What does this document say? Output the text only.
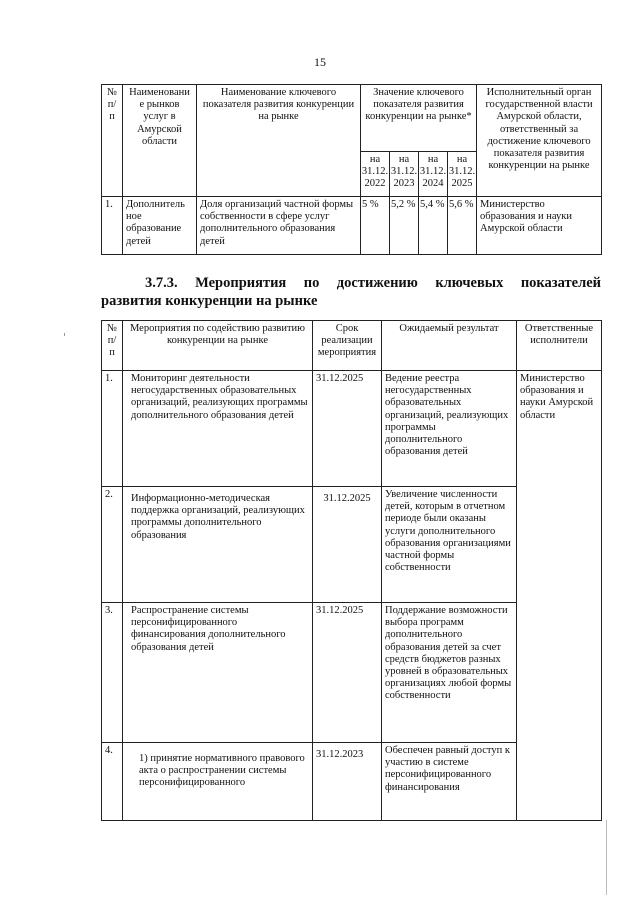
15
№ п/п	Наименовани е рынков услуг в Амурской области	Наименование ключевого показателя развития конкуренции на рынке	Значение ключевого показателя развития конкуренции на рынке*				Исполнительный орган государственной власти Амурской области, ответственный за достижение ключевого показателя развития конкуренции на рынке
			на 31.12. 2022	на 31.12. 2023	на 31.12. 2024	на 31.12. 2025	
1.	Дополнитель ное образование детей	Доля организаций частной формы собственности в сфере услуг дополнительного образования детей	5 %	5,2 %	5,4 %	5,6 %	Министерство образования и науки Амурской области
3.7.3. Мероприятия по достижению ключевых показателей
развития конкуренции на рынке
№ п/п	Мероприятия по содействию развитию конкуренции на рынке	Срок реализации мероприятия	Ожидаемый результат	Ответственные исполнители
1.	Мониторинг деятельности негосударственных образовательных организаций, реализующих программы дополнительного образования детей	31.12.2025	Ведение реестра негосударственных образовательных организаций, реализующих программы дополнительного образования детей	Министерство образования и науки Амурской области
2.	Информационно-методическая поддержка организаций, реализующих программы дополнительного образования	31.12.2025	Увеличение численности детей, которым в отчетном периоде были оказаны услуги дополнительного образования организациями частной формы собственности	
3.	Распространение системы персонифицированного финансирования дополнительного образования детей	31.12.2025	Поддержание возможности выбора программ дополнительного образования детей за счет средств бюджетов разных уровней в образовательных организациях любой формы собственности	
4.	1) принятие нормативного правового акта о распространении системы персонифицированного	31.12.2023	Обеспечен равный доступ к участию в системе персонифицированного финансирования	
